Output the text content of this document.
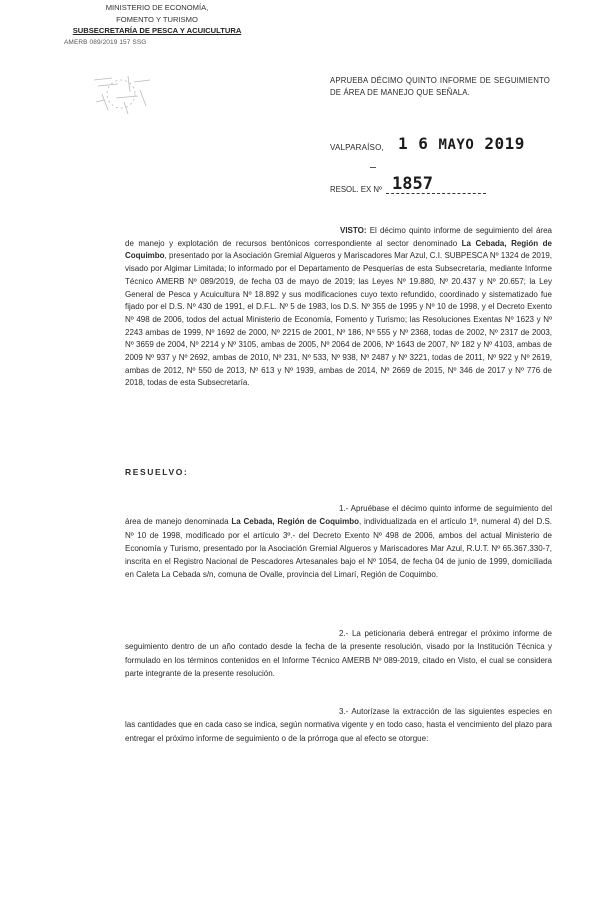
MINISTERIO DE ECONOMÍA,
FOMENTO Y TURISMO
SUBSECRETARÍA DE PESCA Y ACUICULTURA
AMERB 089/2019 157 SSG
APRUEBA DÉCIMO QUINTO INFORME DE SEGUIMIENTO DE ÁREA DE MANEJO QUE SEÑALA.
VALPARAÍSO, 1 6 MAYO 2019
RESOL. EX Nº 1857
VISTO: El décimo quinto informe de seguimiento del área de manejo y explotación de recursos bentónicos correspondiente al sector denominado La Cebada, Región de Coquimbo, presentado por la Asociación Gremial Algueros y Mariscadores Mar Azul, C.I. SUBPESCA Nº 1324 de 2019, visado por Algimar Limitada; lo informado por el Departamento de Pesquerías de esta Subsecretaría, mediante Informe Técnico AMERB Nº 089/2019, de fecha 03 de mayo de 2019; las Leyes Nº 19.880, Nº 20.437 y Nº 20.657; la Ley General de Pesca y Acuicultura Nº 18.892 y sus modificaciones cuyo texto refundido, coordinado y sistematizado fue fijado por el D.S. Nº 430 de 1991, el D.F.L. Nº 5 de 1983, los D.S. Nº 355 de 1995 y Nº 10 de 1998, y el Decreto Exento Nº 498 de 2006, todos del actual Ministerio de Economía, Fomento y Turismo; las Resoluciones Exentas Nº 1623 y Nº 2243 ambas de 1999, Nº 1692 de 2000, Nº 2215 de 2001, Nº 186, Nº 555 y Nº 2368, todas de 2002, Nº 2317 de 2003, Nº 3659 de 2004, Nº 2214 y Nº 3105, ambas de 2005, Nº 2064 de 2006, Nº 1643 de 2007, Nº 182 y Nº 4103, ambas de 2009 Nº 937 y Nº 2692, ambas de 2010, Nº 231, Nº 533, Nº 938, Nº 2487 y Nº 3221, todas de 2011, Nº 922 y Nº 2619, ambas de 2012, Nº 550 de 2013, Nº 613 y Nº 1939, ambas de 2014, Nº 2669 de 2015, Nº 346 de 2017 y Nº 776 de 2018, todas de esta Subsecretaría.
RESUELVO:
1.- Apruébase el décimo quinto informe de seguimiento del área de manejo denominada La Cebada, Región de Coquimbo, individualizada en el artículo 1º, numeral 4) del D.S. Nº 10 de 1998, modificado por el artículo 3º.- del Decreto Exento Nº 498 de 2006, ambos del actual Ministerio de Economía y Turismo, presentado por la Asociación Gremial Algueros y Mariscadores Mar Azul, R.U.T. Nº 65.367.330-7, inscrita en el Registro Nacional de Pescadores Artesanales bajo el Nº 1054, de fecha 04 de junio de 1999, domiciliada en Caleta La Cebada s/n, comuna de Ovalle, provincia del Limarí, Región de Coquimbo.
2.- La peticionaria deberá entregar el próximo informe de seguimiento dentro de un año contado desde la fecha de la presente resolución, visado por la Institución Técnica y formulado en los términos contenidos en el Informe Técnico AMERB Nº 089-2019, citado en Visto, el cual se considera parte integrante de la presente resolución.
3.- Autorízase la extracción de las siguientes especies en las cantidades que en cada caso se indica, según normativa vigente y en todo caso, hasta el vencimiento del plazo para entregar el próximo informe de seguimiento o de la prórroga que al efecto se otorgue:
